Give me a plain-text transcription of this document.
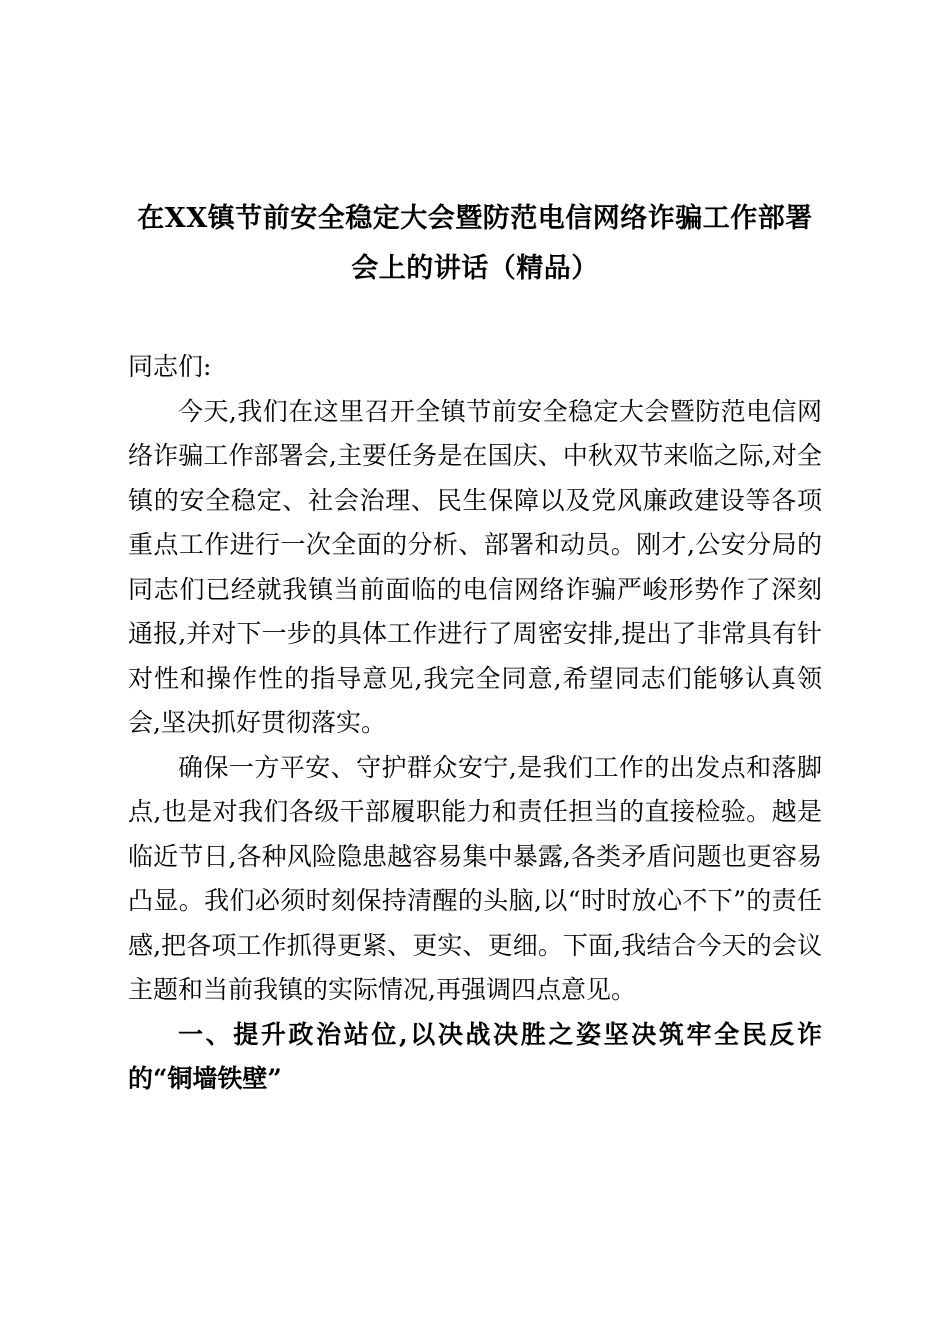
在XX镇节前安全稳定大会暨防范电信网络诈骗工作部署会上的讲话（精品）

同志们:

今天,我们在这里召开全镇节前安全稳定大会暨防范电信网络诈骗工作部署会,主要任务是在国庆、中秋双节来临之际,对全镇的安全稳定、社会治理、民生保障以及党风廉政建设等各项重点工作进行一次全面的分析、部署和动员。刚才,公安分局的同志们已经就我镇当前面临的电信网络诈骗严峻形势作了深刻通报,并对下一步的具体工作进行了周密安排,提出了非常具有针对性和操作性的指导意见,我完全同意,希望同志们能够认真领会,坚决抓好贯彻落实。

确保一方平安、守护群众安宁,是我们工作的出发点和落脚点,也是对我们各级干部履职能力和责任担当的直接检验。越是临近节日,各种风险隐患越容易集中暴露,各类矛盾问题也更容易凸显。我们必须时刻保持清醒的头脑,以“时时放心不下”的责任感,把各项工作抓得更紧、更实、更细。下面,我结合今天的会议主题和当前我镇的实际情况,再强调四点意见。

一、提升政治站位,以决战决胜之姿坚决筑牢全民反诈的“铜墙铁壁”
